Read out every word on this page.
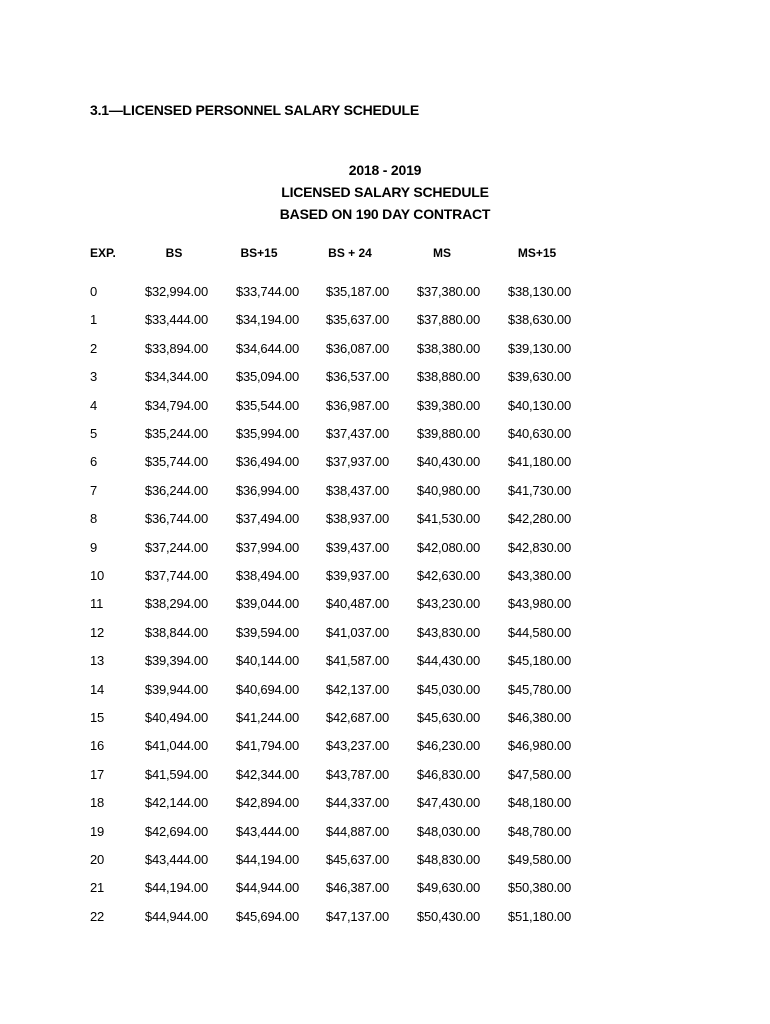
3.1—LICENSED PERSONNEL SALARY SCHEDULE
2018 - 2019
LICENSED SALARY SCHEDULE
BASED ON 190 DAY CONTRACT
EXP.	BS	BS+15	BS + 24	MS	MS+15
0	$32,994.00 $33,744.00 $35,187.00 $37,380.00 $38,130.00
1	$33,444.00 $34,194.00 $35,637.00 $37,880.00 $38,630.00
2	$33,894.00 $34,644.00 $36,087.00 $38,380.00 $39,130.00
3	$34,344.00 $35,094.00 $36,537.00 $38,880.00 $39,630.00
4	$34,794.00 $35,544.00 $36,987.00 $39,380.00 $40,130.00
5	$35,244.00 $35,994.00 $37,437.00 $39,880.00 $40,630.00
6	$35,744.00 $36,494.00 $37,937.00 $40,430.00 $41,180.00
7	$36,244.00 $36,994.00 $38,437.00 $40,980.00 $41,730.00
8	$36,744.00 $37,494.00 $38,937.00 $41,530.00 $42,280.00
9	$37,244.00 $37,994.00 $39,437.00 $42,080.00 $42,830.00
10	$37,744.00 $38,494.00 $39,937.00 $42,630.00 $43,380.00
11	$38,294.00 $39,044.00 $40,487.00 $43,230.00 $43,980.00
12	$38,844.00 $39,594.00 $41,037.00 $43,830.00 $44,580.00
13	$39,394.00 $40,144.00 $41,587.00 $44,430.00 $45,180.00
14	$39,944.00 $40,694.00 $42,137.00 $45,030.00 $45,780.00
15	$40,494.00 $41,244.00 $42,687.00 $45,630.00 $46,380.00
16	$41,044.00 $41,794.00 $43,237.00 $46,230.00 $46,980.00
17	$41,594.00 $42,344.00 $43,787.00 $46,830.00 $47,580.00
18	$42,144.00 $42,894.00 $44,337.00 $47,430.00 $48,180.00
19	$42,694.00 $43,444.00 $44,887.00 $48,030.00 $48,780.00
20	$43,444.00 $44,194.00 $45,637.00 $48,830.00 $49,580.00
21	$44,194.00 $44,944.00 $46,387.00 $49,630.00 $50,380.00
22	$44,944.00 $45,694.00 $47,137.00 $50,430.00 $51,180.00
